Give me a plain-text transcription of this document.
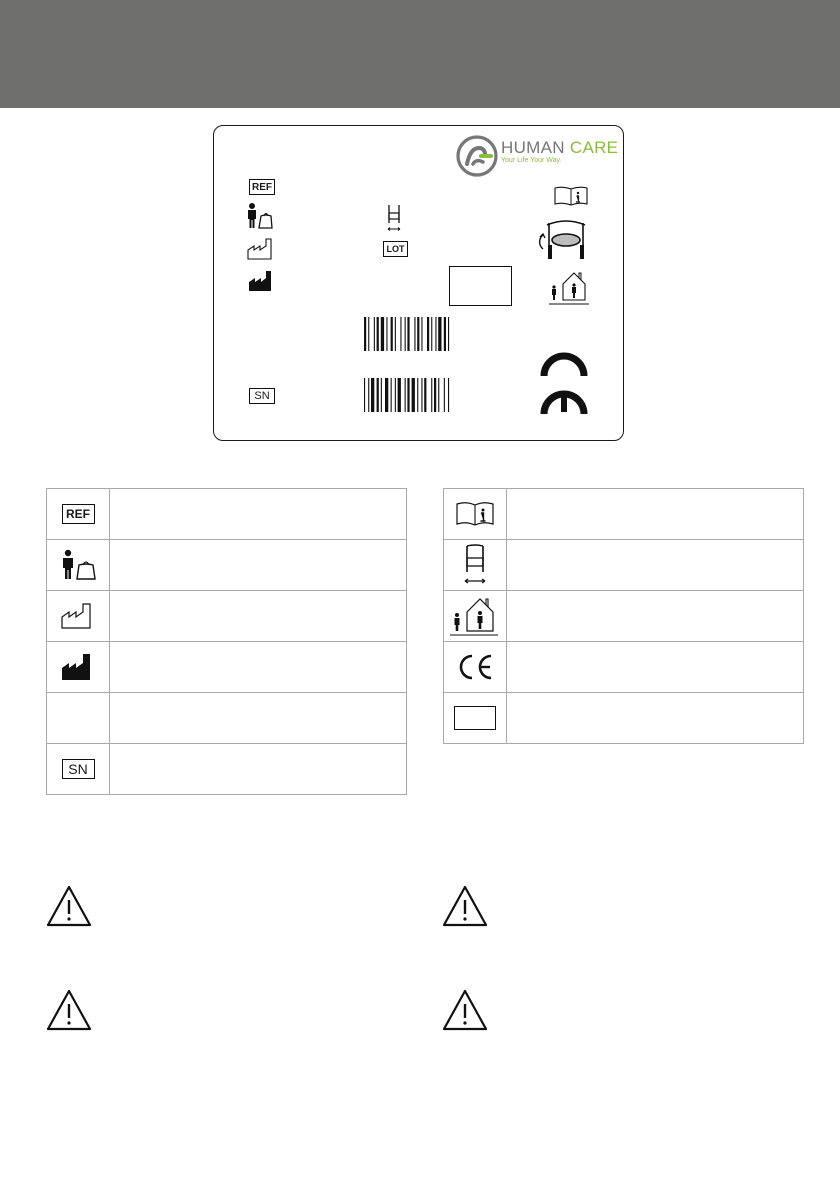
HUMAN CARE
Your Life Your Way.
REF
LOT
SN
REF	

SN	
